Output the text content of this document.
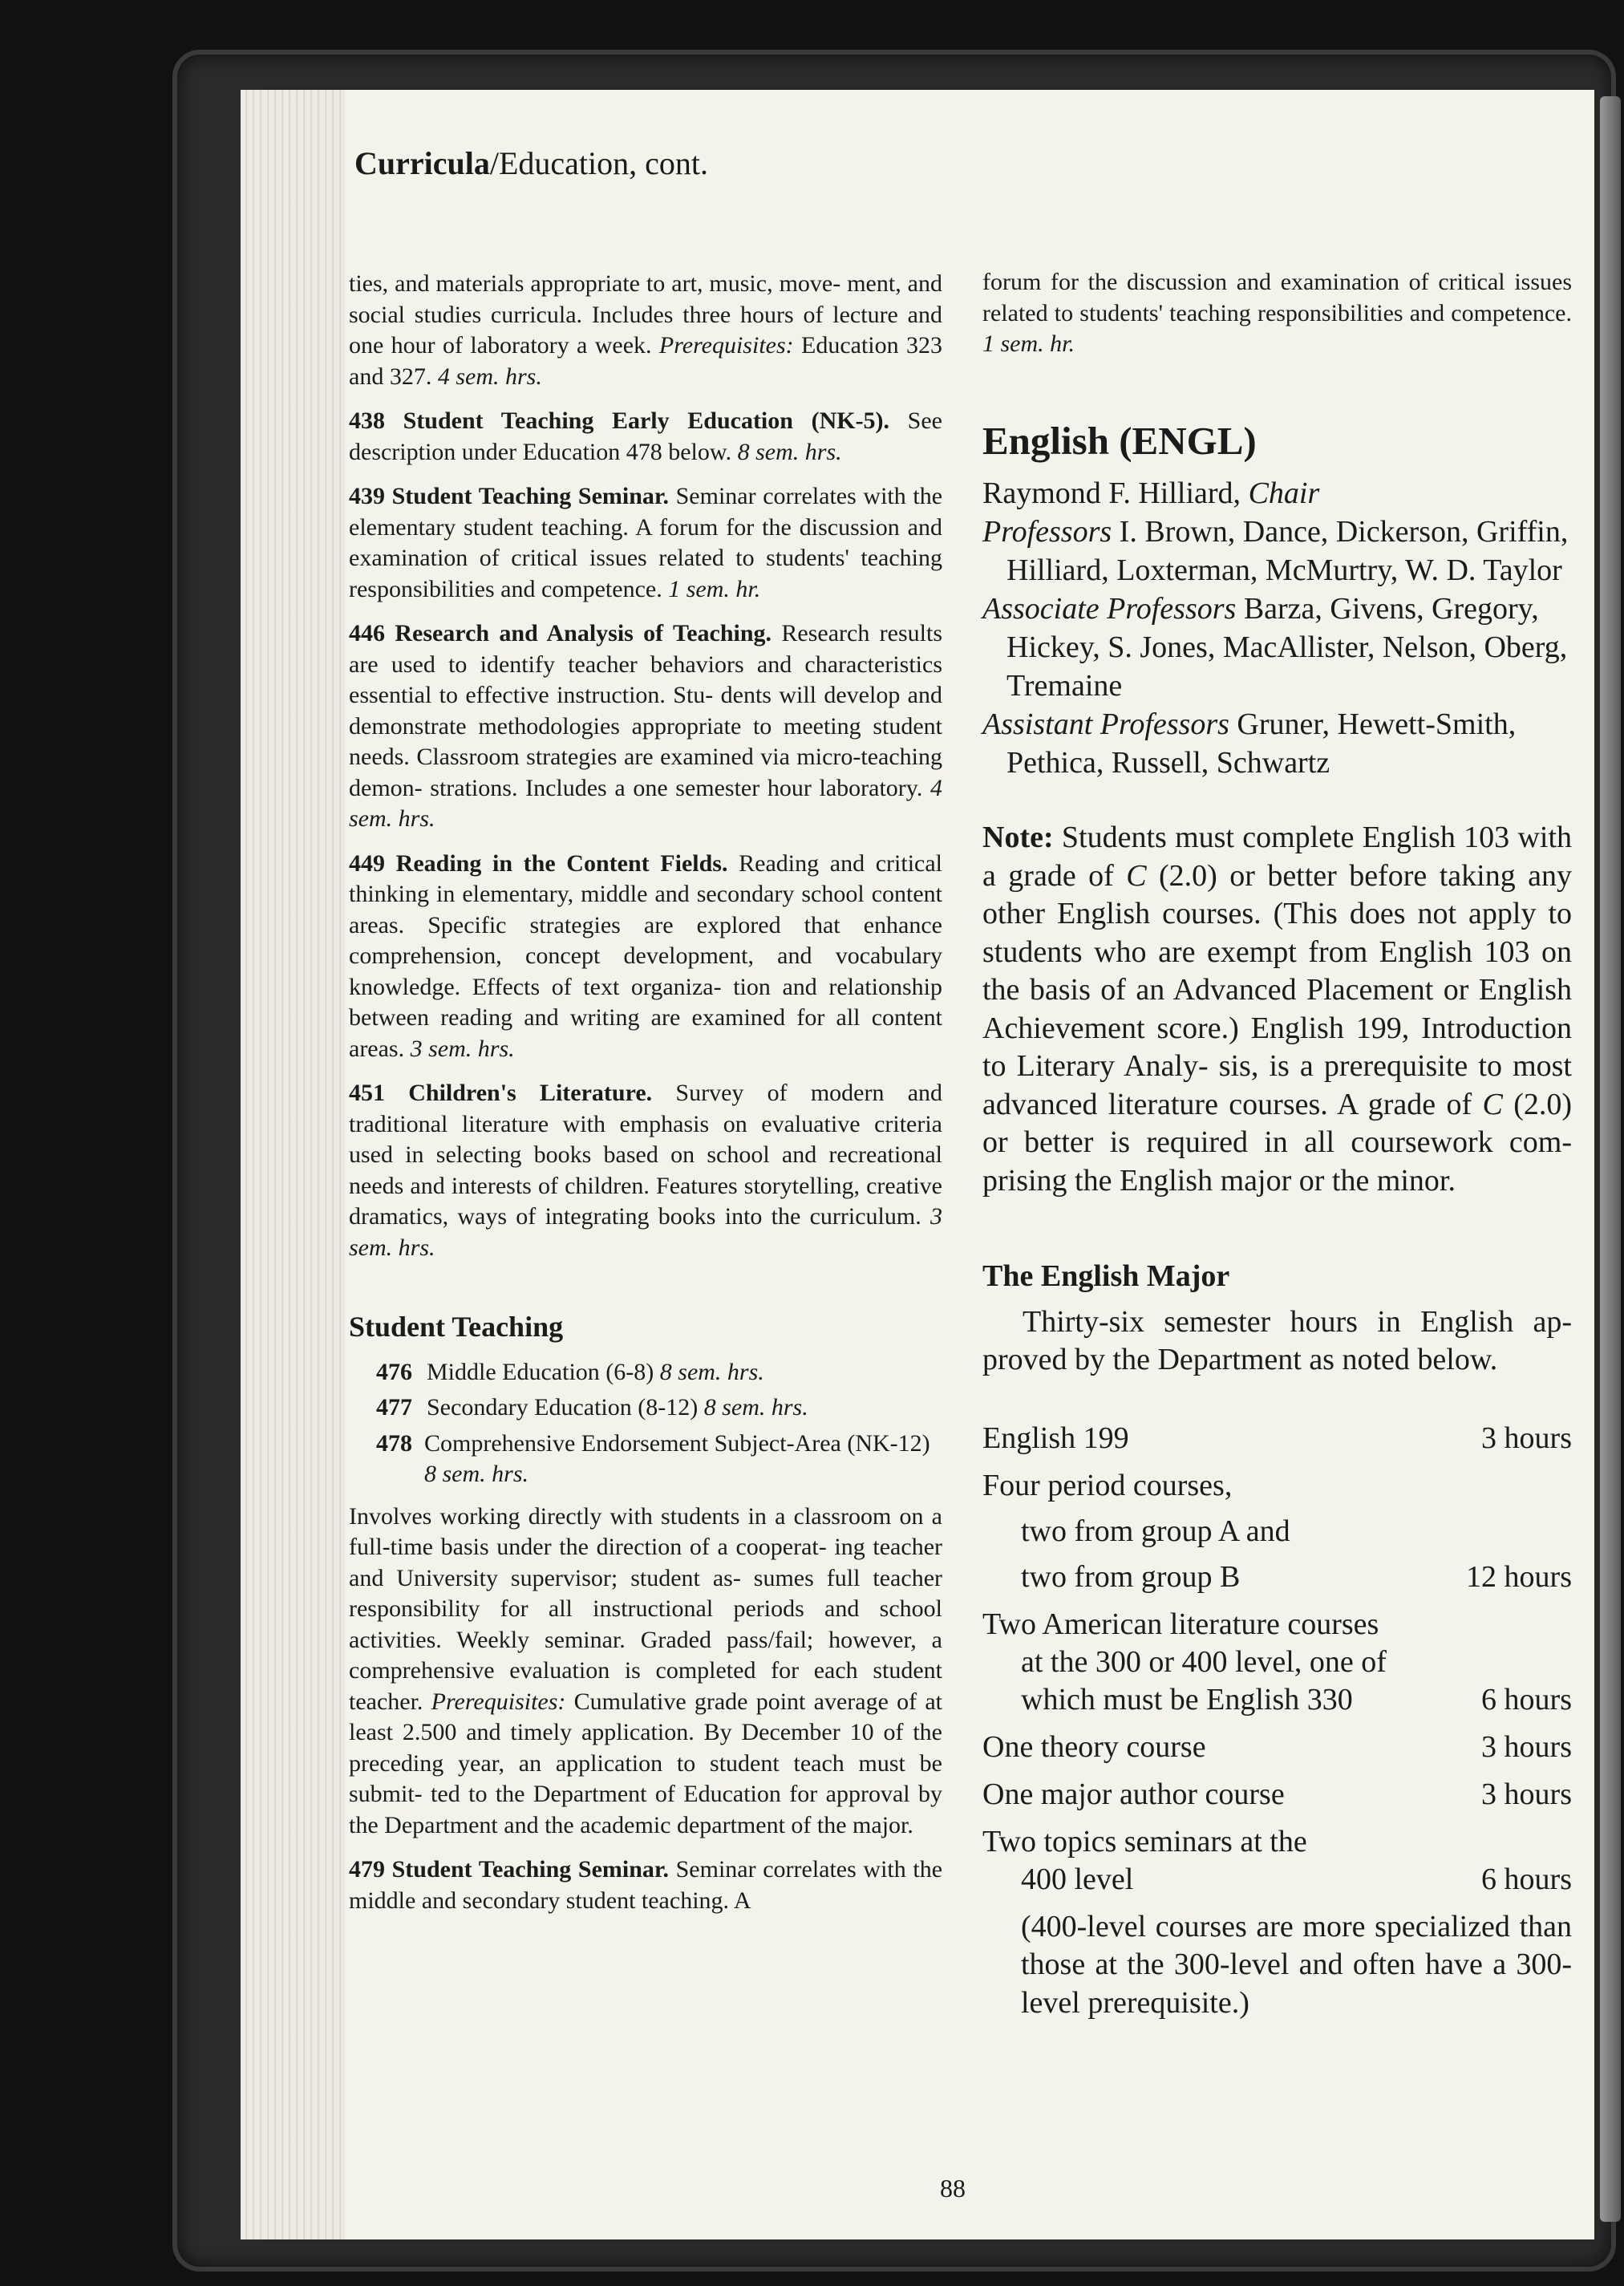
Curricula/Education, cont.

ties, and materials appropriate to art, music, move- ment, and social studies curricula. Includes three hours of lecture and one hour of laboratory a week. Prerequisites: Education 323 and 327. 4 sem. hrs.

438 Student Teaching Early Education (NK-5). See description under Education 478 below. 8 sem. hrs.

439 Student Teaching Seminar. Seminar correlates with the elementary student teaching. A forum for the discussion and examination of critical issues related to students' teaching responsibilities and competence. 1 sem. hr.

446 Research and Analysis of Teaching. Research results are used to identify teacher behaviors and characteristics essential to effective instruction. Stu- dents will develop and demonstrate methodologies appropriate to meeting student needs. Classroom strategies are examined via micro-teaching demon- strations. Includes a one semester hour laboratory. 4 sem. hrs.

449 Reading in the Content Fields. Reading and critical thinking in elementary, middle and secondary school content areas. Specific strategies are explored that enhance comprehension, concept development, and vocabulary knowledge. Effects of text organiza- tion and relationship between reading and writing are examined for all content areas. 3 sem. hrs.

451 Children's Literature. Survey of modern and traditional literature with emphasis on evaluative criteria used in selecting books based on school and recreational needs and interests of children. Features storytelling, creative dramatics, ways of integrating books into the curriculum. 3 sem. hrs.

Student Teaching
476 Middle Education (6-8) 8 sem. hrs.
477 Secondary Education (8-12) 8 sem. hrs.
478 Comprehensive Endorsement Subject-Area (NK-12) 8 sem. hrs.

Involves working directly with students in a classroom on a full-time basis under the direction of a cooperat- ing teacher and University supervisor; student as- sumes full teacher responsibility for all instructional periods and school activities. Weekly seminar. Graded pass/fail; however, a comprehensive evaluation is completed for each student teacher. Prerequisites: Cumulative grade point average of at least 2.500 and timely application. By December 10 of the preceding year, an application to student teach must be submit- ted to the Department of Education for approval by the Department and the academic department of the major.

479 Student Teaching Seminar. Seminar correlates with the middle and secondary student teaching. A

forum for the discussion and examination of critical issues related to students' teaching responsibilities and competence. 1 sem. hr.

English (ENGL)
Raymond F. Hilliard, Chair
Professors I. Brown, Dance, Dickerson, Griffin, Hilliard, Loxterman, McMurtry, W. D. Taylor
Associate Professors Barza, Givens, Gregory, Hickey, S. Jones, MacAllister, Nelson, Oberg, Tremaine
Assistant Professors Gruner, Hewett-Smith, Pethica, Russell, Schwartz

Note: Students must complete English 103 with a grade of C (2.0) or better before taking any other English courses. (This does not apply to students who are exempt from English 103 on the basis of an Advanced Placement or English Achievement score.) English 199, Introduction to Literary Analy- sis, is a prerequisite to most advanced literature courses. A grade of C (2.0) or better is required in all coursework com- prising the English major or the minor.

The English Major

Thirty-six semester hours in English ap- proved by the Department as noted below.

English 199	3 hours
Four period courses,
two from group A and
two from group B	12 hours
Two American literature courses
at the 300 or 400 level, one of
which must be English 330	6 hours
One theory course	3 hours
One major author course	3 hours
Two topics seminars at the
400 level	6 hours

(400-level courses are more specialized than those at the 300-level and often have a 300-level prerequisite.)

88
